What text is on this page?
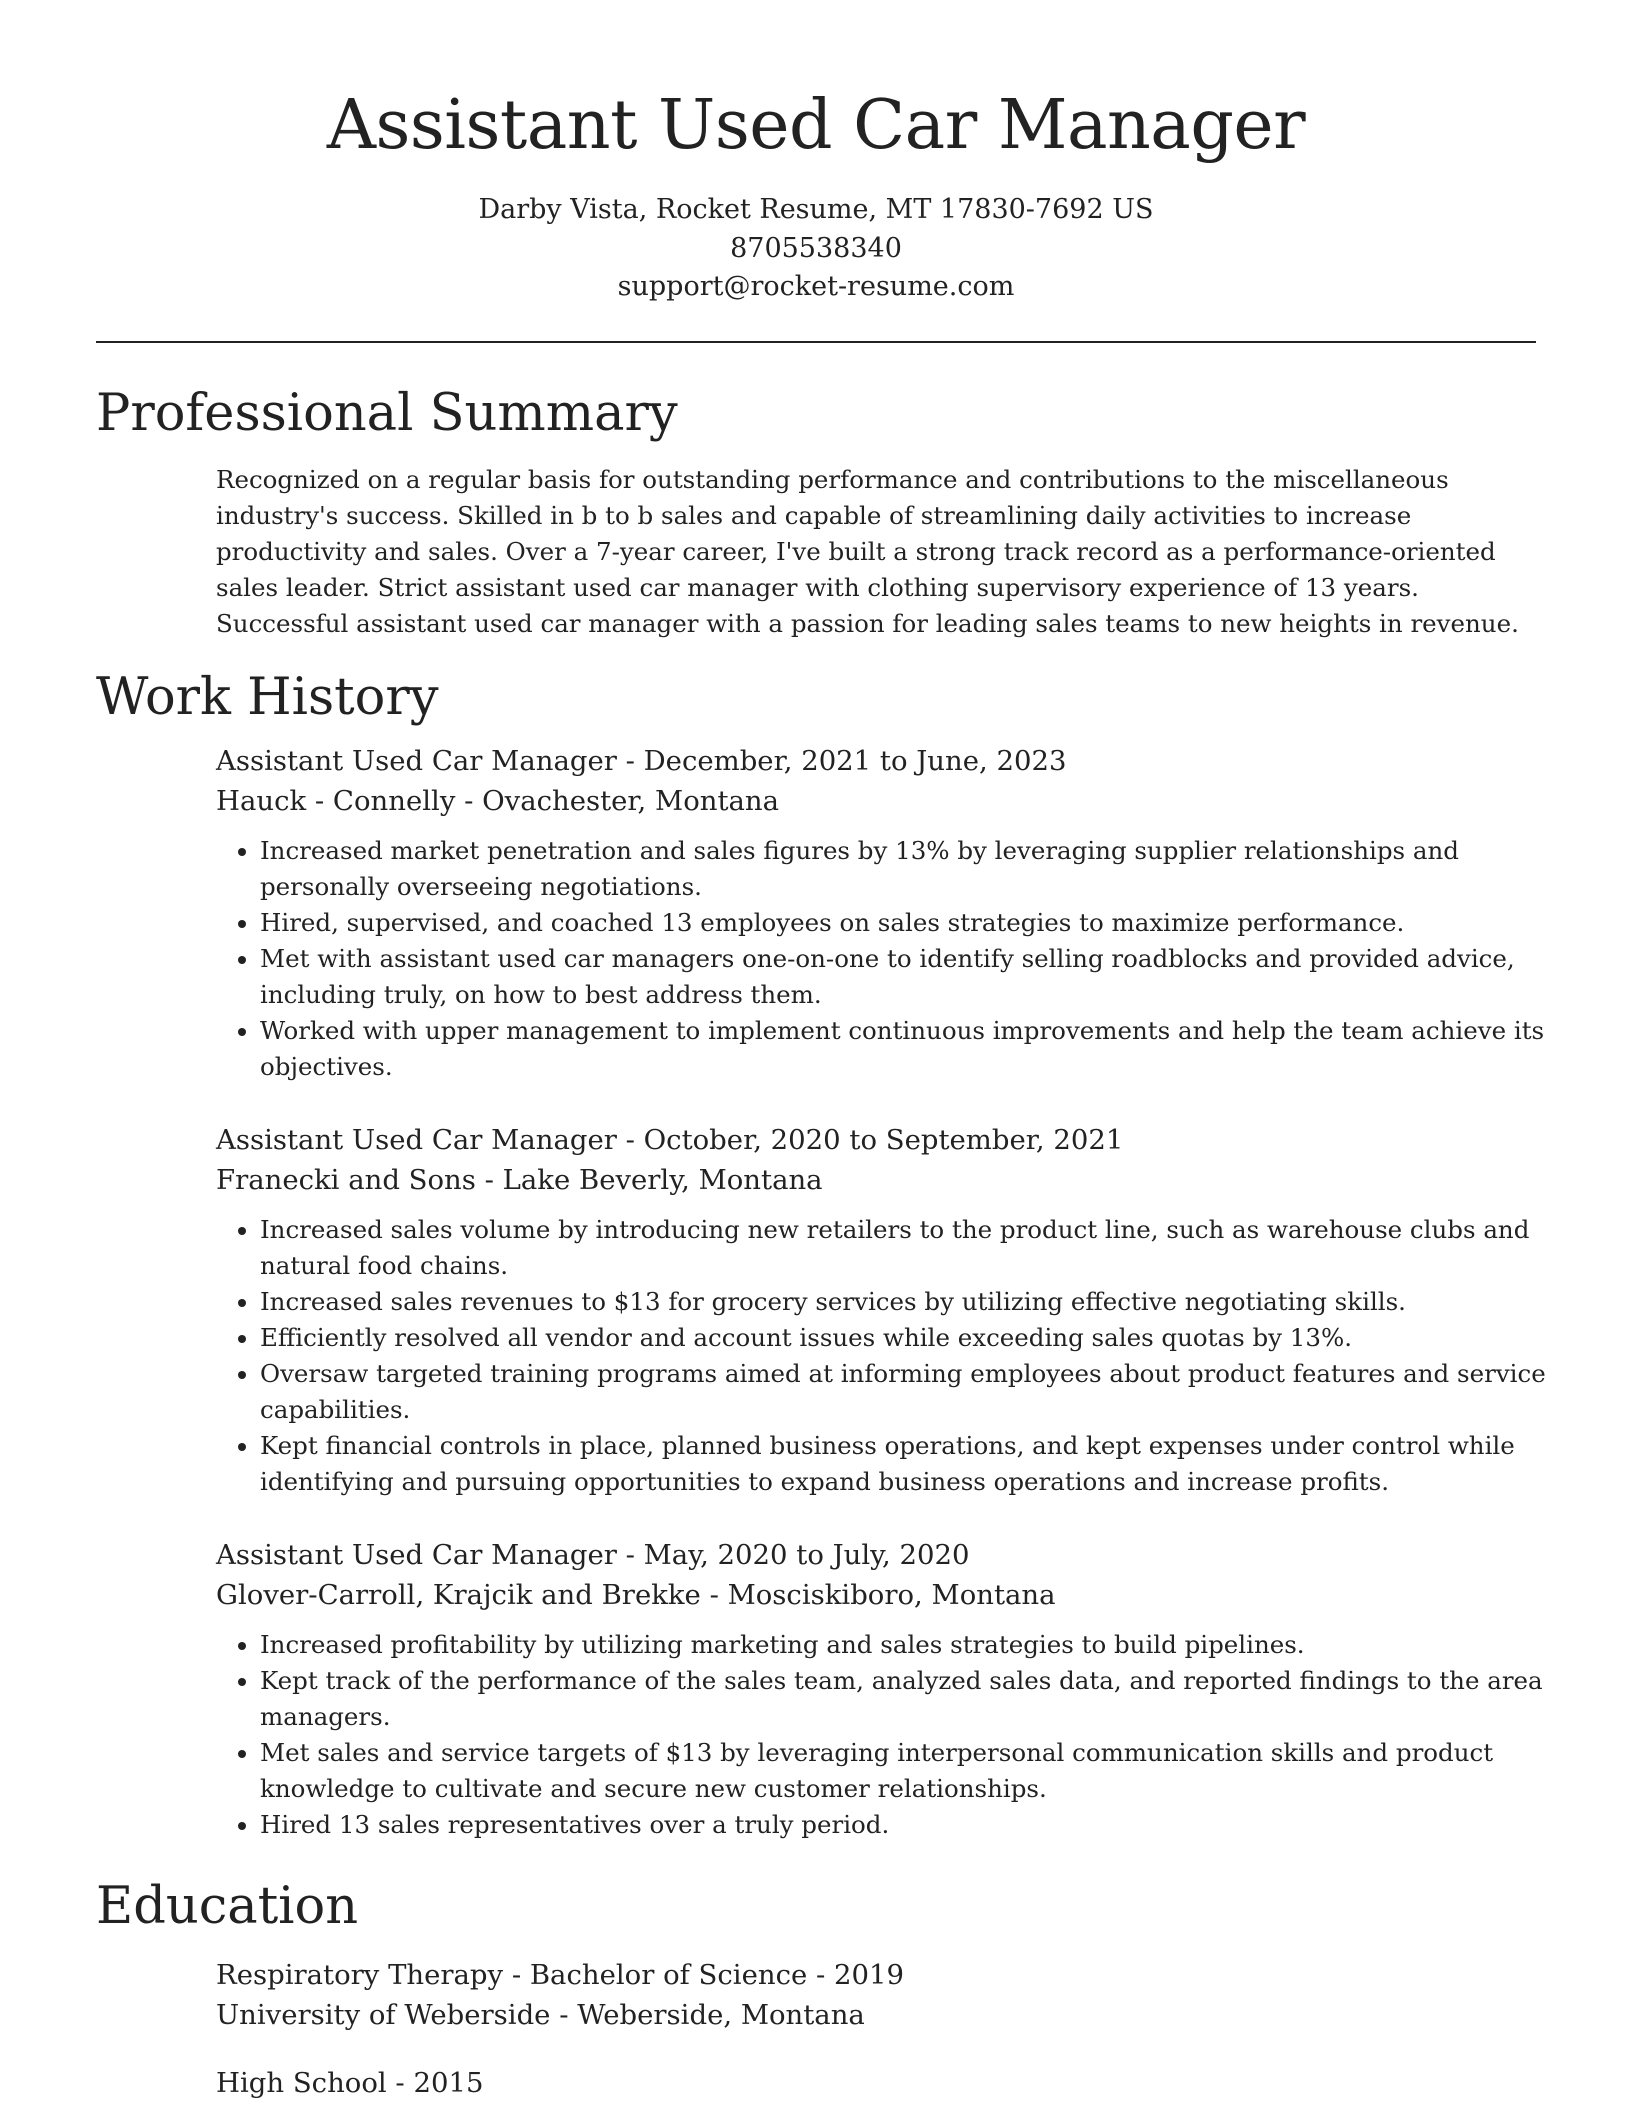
Assistant Used Car Manager

Darby Vista, Rocket Resume, MT 17830-7692 US

8705538340

support@rocket-resume.com

Professional Summary

Recognized on a regular basis for outstanding performance and contributions to the miscellaneous industry's success. Skilled in b to b sales and capable of streamlining daily activities to increase productivity and sales. Over a 7-year career, I've built a strong track record as a performance-oriented sales leader. Strict assistant used car manager with clothing supervisory experience of 13 years. Successful assistant used car manager with a passion for leading sales teams to new heights in revenue.

Work History

Assistant Used Car Manager - December, 2021 to June, 2023

Hauck - Connelly - Ovachester, Montana

• Increased market penetration and sales figures by 13% by leveraging supplier relationships and personally overseeing negotiations.
• Hired, supervised, and coached 13 employees on sales strategies to maximize performance.
• Met with assistant used car managers one-on-one to identify selling roadblocks and provided advice, including truly, on how to best address them.
• Worked with upper management to implement continuous improvements and help the team achieve its objectives.

Assistant Used Car Manager - October, 2020 to September, 2021

Franecki and Sons - Lake Beverly, Montana

• Increased sales volume by introducing new retailers to the product line, such as warehouse clubs and natural food chains.
• Increased sales revenues to $13 for grocery services by utilizing effective negotiating skills.
• Efficiently resolved all vendor and account issues while exceeding sales quotas by 13%.
• Oversaw targeted training programs aimed at informing employees about product features and service capabilities.
• Kept financial controls in place, planned business operations, and kept expenses under control while identifying and pursuing opportunities to expand business operations and increase profits.

Assistant Used Car Manager - May, 2020 to July, 2020

Glover-Carroll, Krajcik and Brekke - Mosciskiboro, Montana

• Increased profitability by utilizing marketing and sales strategies to build pipelines.
• Kept track of the performance of the sales team, analyzed sales data, and reported findings to the area managers.
• Met sales and service targets of $13 by leveraging interpersonal communication skills and product knowledge to cultivate and secure new customer relationships.
• Hired 13 sales representatives over a truly period.
Education

Respiratory Therapy - Bachelor of Science - 2019

University of Weberside - Weberside, Montana

High School - 2015
